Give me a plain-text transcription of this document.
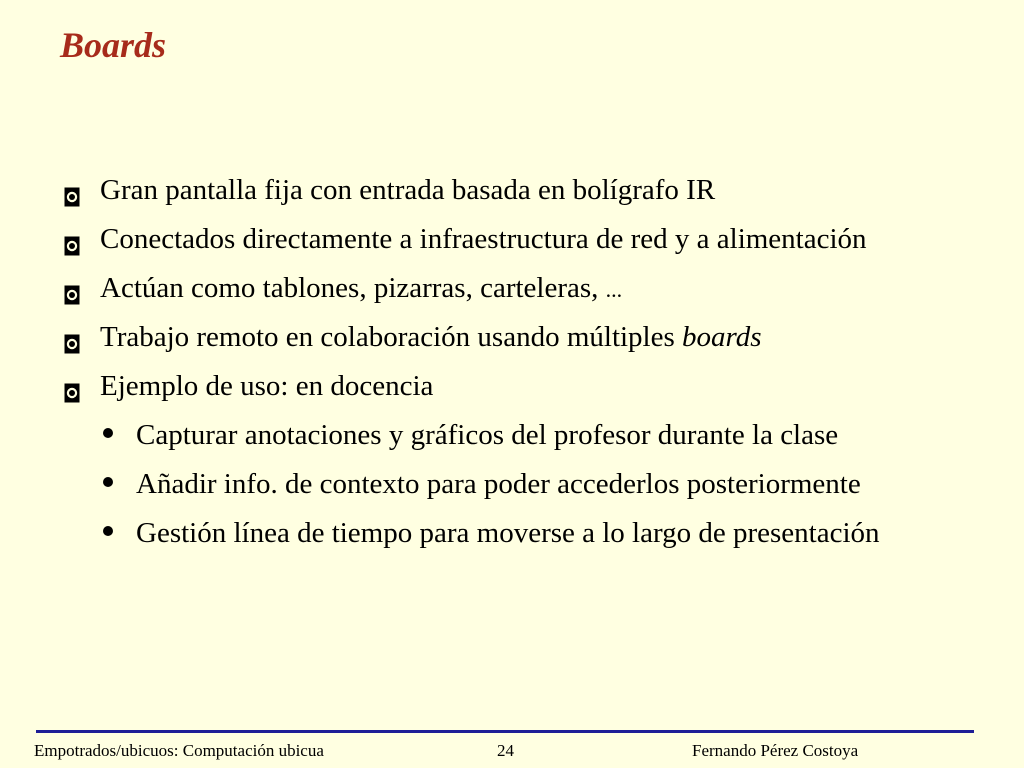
Boards
Gran pantalla fija con entrada basada en bolígrafo IR
Conectados directamente a infraestructura de red y a alimentación
Actúan como tablones, pizarras, carteleras, ...
Trabajo remoto en colaboración usando múltiples boards
Ejemplo de uso: en docencia
Capturar anotaciones y gráficos del profesor durante la clase
Añadir info. de contexto para poder accederlos posteriormente
Gestión línea de tiempo para moverse a lo largo de presentación
Empotrados/ubicuos: Computación ubicua	24	Fernando Pérez Costoya
